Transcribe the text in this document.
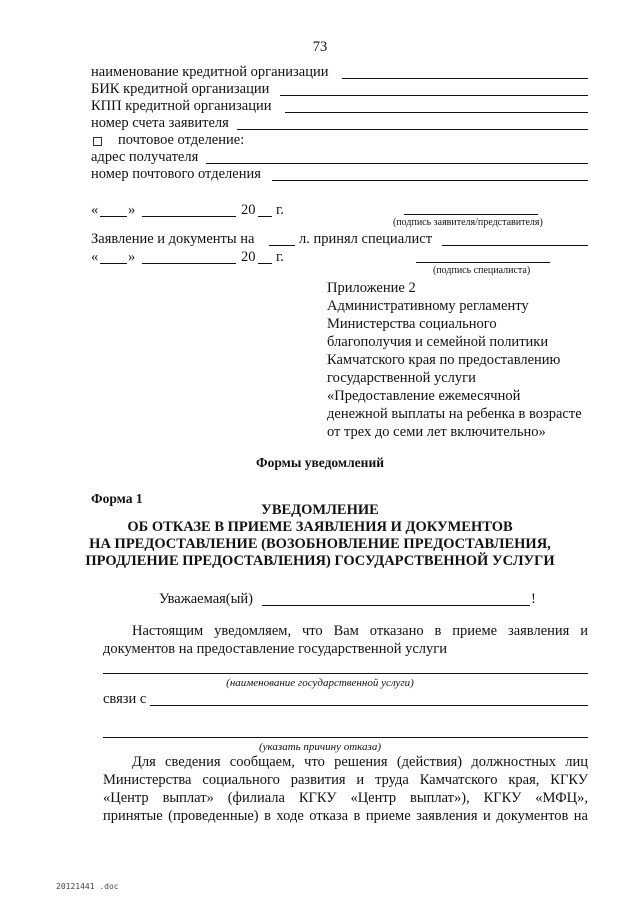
73
наименование кредитной организации
БИК кредитной организации
КПП кредитной организации
номер счета заявителя
почтовое отделение:
адрес получателя
номер почтового отделения
« »	20 г.
(подпись заявителя/представителя)
Заявление и документы на	л. принял специалист
« »	20 г.
(подпись специалиста)
Приложение 2
Административному регламенту
Министерства социального
благополучия и семейной политики
Камчатского края по предоставлению
государственной услуги
«Предоставление ежемесячной
денежной выплаты на ребенка в возрасте
от трех до семи лет включительно»
Формы уведомлений
Форма 1
УВЕДОМЛЕНИЕ
ОБ ОТКАЗЕ В ПРИЕМЕ ЗАЯВЛЕНИЯ И ДОКУМЕНТОВ
НА ПРЕДОСТАВЛЕНИЕ (ВОЗОБНОВЛЕНИЕ ПРЕДОСТАВЛЕНИЯ,
ПРОДЛЕНИЕ ПРЕДОСТАВЛЕНИЯ) ГОСУДАРСТВЕННОЙ УСЛУГИ
Уважаемая(ый)	!
Настоящим уведомляем, что Вам отказано в приеме заявления и
документов на предоставление государственной услуги
(наименование государственной услуги)
связи с
(указать причину отказа)
Для сведения сообщаем, что решения (действия) должностных лиц
Министерства социального развития и труда Камчатского края, КГКУ
«Центр выплат» (филиала КГКУ «Центр выплат»), КГКУ «МФЦ»,
принятые (проведенные) в ходе отказа в приеме заявления и документов на
20121441 .doc
